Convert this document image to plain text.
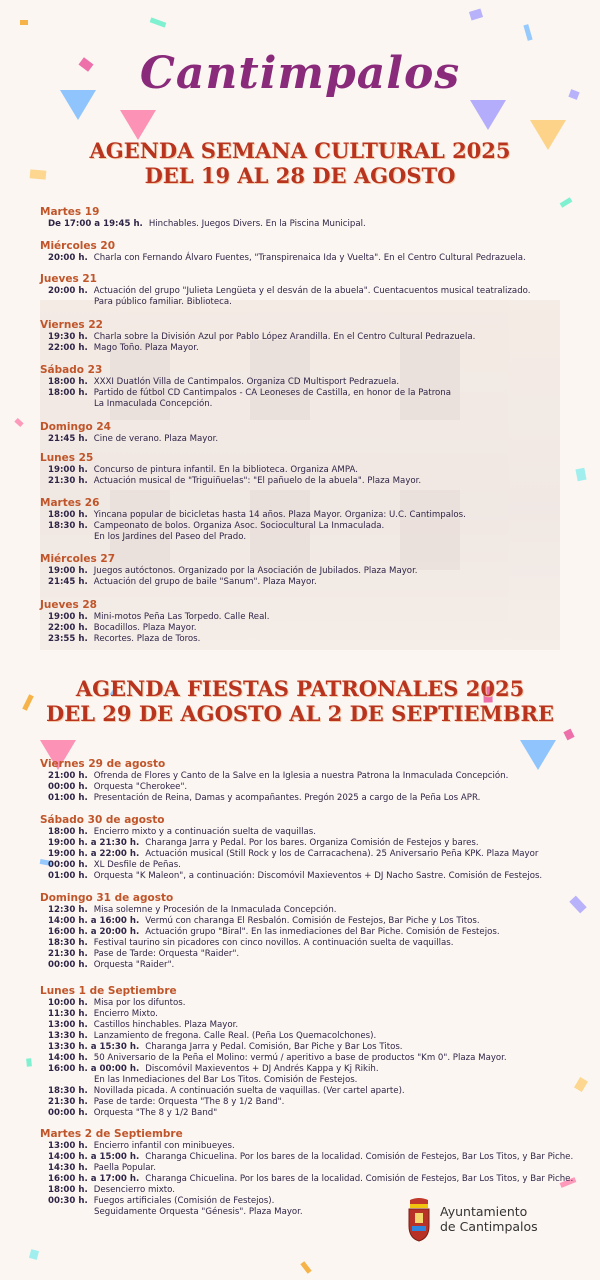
Cantimpalos
AGENDA SEMANA CULTURAL 2025
DEL 19 AL 28 DE AGOSTO
Martes 19
De 17:00 a 19:45 h. Hinchables. Juegos Divers. En la Piscina Municipal.
Miércoles 20
20:00 h. Charla con Fernando Álvaro Fuentes, "Transpirenaica Ida y Vuelta". En el Centro Cultural Pedrazuela.
Jueves 21
20:00 h. Actuación del grupo "Julieta Lengüeta y el desván de la abuela". Cuentacuentos musical teatralizado.
Para público familiar. Biblioteca.
Viernes 22
19:30 h. Charla sobre la División Azul por Pablo López Arandilla. En el Centro Cultural Pedrazuela.
22:00 h. Mago Toño. Plaza Mayor.
Sábado 23
18:00 h. XXXI Duatlón Villa de Cantimpalos. Organiza CD Multisport Pedrazuela.
18:00 h. Partido de fútbol CD Cantimpalos - CA Leoneses de Castilla, en honor de la Patrona
La Inmaculada Concepción.
Domingo 24
21:45 h. Cine de verano. Plaza Mayor.
Lunes 25
19:00 h. Concurso de pintura infantil. En la biblioteca. Organiza AMPA.
21:30 h. Actuación musical de "Triguiñuelas": "El pañuelo de la abuela". Plaza Mayor.
Martes 26
18:00 h. Yincana popular de bicicletas hasta 14 años. Plaza Mayor. Organiza: U.C. Cantimpalos.
18:30 h. Campeonato de bolos. Organiza Asoc. Sociocultural La Inmaculada.
En los Jardines del Paseo del Prado.
Miércoles 27
19:00 h. Juegos autóctonos. Organizado por la Asociación de Jubilados. Plaza Mayor.
21:45 h. Actuación del grupo de baile "Sanum". Plaza Mayor.
Jueves 28
19:00 h. Mini-motos Peña Las Torpedo. Calle Real.
22:00 h. Bocadillos. Plaza Mayor.
23:55 h. Recortes. Plaza de Toros.
AGENDA FIESTAS PATRONALES 2025
DEL 29 DE AGOSTO AL 2 DE SEPTIEMBRE
Viernes 29 de agosto
21:00 h. Ofrenda de Flores y Canto de la Salve en la Iglesia a nuestra Patrona la Inmaculada Concepción.
00:00 h. Orquesta "Cherokee".
01:00 h. Presentación de Reina, Damas y acompañantes. Pregón 2025 a cargo de la Peña Los APR.
Sábado 30 de agosto
18:00 h. Encierro mixto y a continuación suelta de vaquillas.
19:00 h. a 21:30 h. Charanga Jarra y Pedal. Por los bares. Organiza Comisión de Festejos y bares.
19:00 h. a 22:00 h. Actuación musical (Still Rock y los de Carracachena). 25 Aniversario Peña KPK. Plaza Mayor
00:00 h. XL Desfile de Peñas.
01:00 h. Orquesta "K Maleon", a continuación: Discomóvil Maxieventos + DJ Nacho Sastre. Comisión de Festejos.
Domingo 31 de agosto
12:30 h. Misa solemne y Procesión de la Inmaculada Concepción.
14:00 h. a 16:00 h. Vermú con charanga El Resbalón. Comisión de Festejos, Bar Piche y Los Titos.
16:00 h. a 20:00 h. Actuación grupo "Biral". En las inmediaciones del Bar Piche. Comisión de Festejos.
18:30 h. Festival taurino sin picadores con cinco novillos. A continuación suelta de vaquillas.
21:30 h. Pase de Tarde: Orquesta "Raider".
00:00 h. Orquesta "Raider".
Lunes 1 de Septiembre
10:00 h. Misa por los difuntos.
11:30 h. Encierro Mixto.
13:00 h. Castillos hinchables. Plaza Mayor.
13:30 h. Lanzamiento de fregona. Calle Real. (Peña Los Quemacolchones).
13:30 h. a 15:30 h. Charanga Jarra y Pedal. Comisión, Bar Piche y Bar Los Titos.
14:00 h. 50 Aniversario de la Peña el Molino: vermú / aperitivo a base de productos "Km 0". Plaza Mayor.
16:00 h. a 00:00 h. Discomóvil Maxieventos + DJ Andrés Kappa y Kj Rikih.
En las Inmediaciones del Bar Los Titos. Comisión de Festejos.
18:30 h. Novillada picada. A continuación suelta de vaquillas. (Ver cartel aparte).
21:30 h. Pase de tarde: Orquesta "The 8 y 1/2 Band".
00:00 h. Orquesta "The 8 y 1/2 Band"
Martes 2 de Septiembre
13:00 h. Encierro infantil con minibueyes.
14:00 h. a 15:00 h. Charanga Chicuelina. Por los bares de la localidad. Comisión de Festejos, Bar Los Titos, y Bar Piche.
14:30 h. Paella Popular.
16:00 h. a 17:00 h. Charanga Chicuelina. Por los bares de la localidad. Comisión de Festejos, Bar Los Titos, y Bar Piche.
18:00 h. Desencierro mixto.
00:30 h. Fuegos artificiales (Comisión de Festejos).
Seguidamente Orquesta "Génesis". Plaza Mayor.	Ayuntamiento
de Cantimpalos
